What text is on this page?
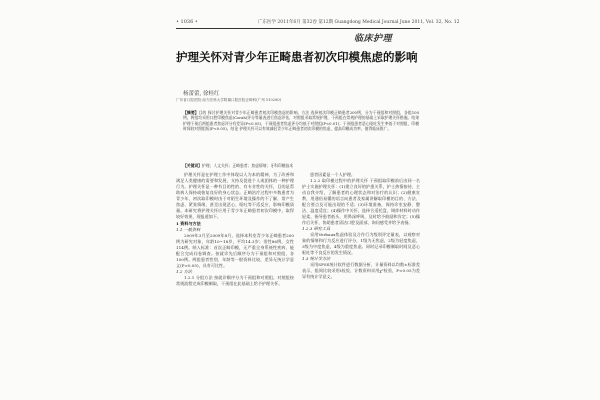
• 1036 •	广东医学 2011年6月 第32卷 第12期 Guangdong Medical Journal June 2011, Vol. 32, No. 12
临床护理
护理关怀对青少年正畸患者初次印模焦虑的影响
杨蕾蕾, 徐桂红
广东省口腔医院·南方医科大学附属口腔医院正畸科(广州 510280)
【摘要】目的 探讨护理关怀对青少年正畸患者初次印模焦虑的影响。方法 选择初次印模正畸患者200例，分为干预组和对照组，各组100例。两组均采用口腔印模焦虑(Corah)评分等量表进行焦虑评估，对照组采取常规护理，干预组在常规护理的基础上采取护理关怀措施。结果 护理干预后两组患者焦虑评分有差异(P<0.05)，干预组患者焦虑评分均低于对照组(P<0.01)；干预组患者恶心呕吐发生率低于对照组，印模时间较对照组短(P<0.05)。结论 护理关怀可以有效减轻青少年正畸患者初次印模的焦虑，提高印模成功率，值得临床推广。
【关键词】护理；人文关怀；正畸患者；焦虑情绪；牙科印模技术

护理关怀是在护理工作中体现以人为本的精神，为了改善和满足人类健康的需要和发展，支持及促进个人或团体的一种护理行为。护理关怀是一种有目的性的、有专业性的关怀，目的是帮助病人保持或恢复良好的身心状态。正畸治疗过程中多数患者为青少年，初次取印模时由于对陌生环境及操作的不了解，常产生焦虑、紧张情绪，甚至出现恶心、呕吐等不适反应，影响印模质量。本研究将护理关怀应用于青少年正畸患者初次印模中，取得较好效果，现报道如下。

1 资料与方法

1.1 一般资料

2009年3月至2009年8月，选择本科室青少年正畸患者200例为研究对象，年龄10~18岁，平均14.3岁；男性86例，女性114例。纳入标准：首次正畸印模，无严重全身系统性疾病，能配合完成问卷调查。按就诊先后顺序分为干预组和对照组，各100例。两组患者性别、年龄等一般资料比较，差异无统计学意义(P>0.05)，具有可比性。

1.2 方法

1.2.1 分组方法 按就诊顺序分为干预组和对照组。对照组按常规流程完成印模制取，干预组在此基础上给予护理关怀。

患者因素是一个人护理。

1.2.2 取印模过程中的护理关怀 干预组取印模前后由同一名护士实施护理关怀：(1)建立良好的护患关系，护士热情接待，主动自我介绍，了解患者的心理状态和对治疗的认识；(2)健康宣教，用通俗易懂的语言向患者及家属讲解取印模的目的、方法、配合要点及可能出现的不适；(3)环境准备，保持诊室安静、整洁、温度适宜；(4)操作中关怀，选择合适托盘，调拌材料时动作轻柔，指导患者低头、用鼻深呼吸，及时给予鼓励和肯定；(5)操作后关怀，协助患者清洁口腔及面部，询问感受并给予表扬。

1.2.3 研究工具

采用Verbaux焦虑体验及合作行为级别评定量表，以观察对象的情绪和行为反应进行评分，1级为无焦虑，2级为轻度焦虑，3级为中度焦虑，4级为重度焦虑。同时记录印模制取时间及恶心呕吐等不良反应的发生情况。

1.3 统计学方法

采用SPSS统计软件进行数据分析，计量资料以均数±标准差表示，组间比较采用t检验，计数资料采用χ²检验，P<0.05为差异有统计学意义。
